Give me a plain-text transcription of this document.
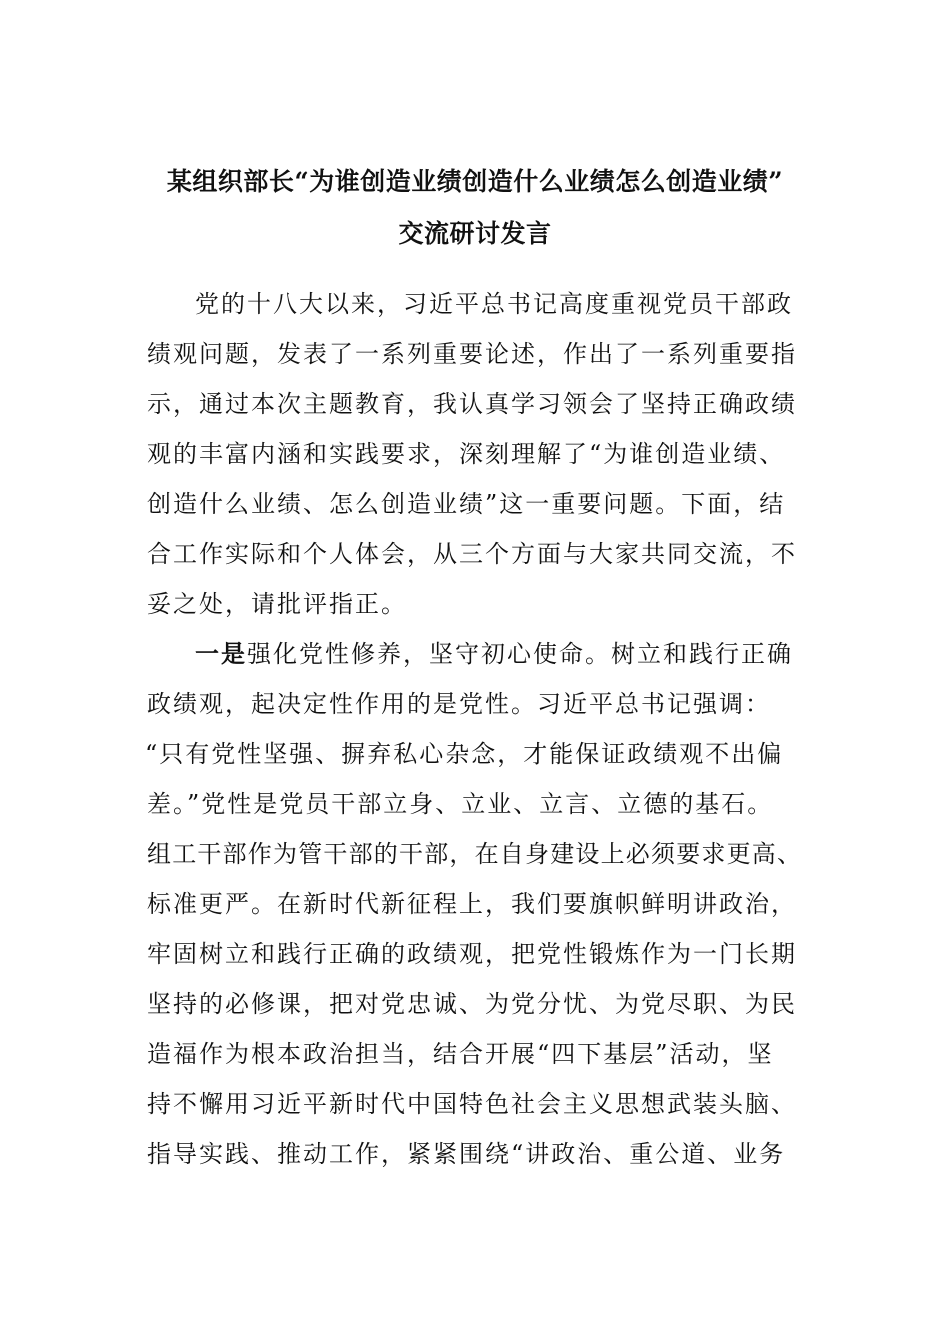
某组织部长“为谁创造业绩创造什么业绩怎么创造业绩”
交流研讨发言
党的十八大以来，习近平总书记高度重视党员干部政
绩观问题，发表了一系列重要论述，作出了一系列重要指
示，通过本次主题教育，我认真学习领会了坚持正确政绩
观的丰富内涵和实践要求，深刻理解了“为谁创造业绩、
创造什么业绩、怎么创造业绩”这一重要问题。下面，结
合工作实际和个人体会，从三个方面与大家共同交流，不
妥之处，请批评指正。
一是强化党性修养，坚守初心使命。树立和践行正确
政绩观，起决定性作用的是党性。习近平总书记强调：
“只有党性坚强、摒弃私心杂念，才能保证政绩观不出偏
差。”党性是党员干部立身、立业、立言、立德的基石。
组工干部作为管干部的干部，在自身建设上必须要求更高、
标准更严。在新时代新征程上，我们要旗帜鲜明讲政治，
牢固树立和践行正确的政绩观，把党性锻炼作为一门长期
坚持的必修课，把对党忠诚、为党分忧、为党尽职、为民
造福作为根本政治担当，结合开展“四下基层”活动，坚
持不懈用习近平新时代中国特色社会主义思想武装头脑、
指导实践、推动工作，紧紧围绕“讲政治、重公道、业务
